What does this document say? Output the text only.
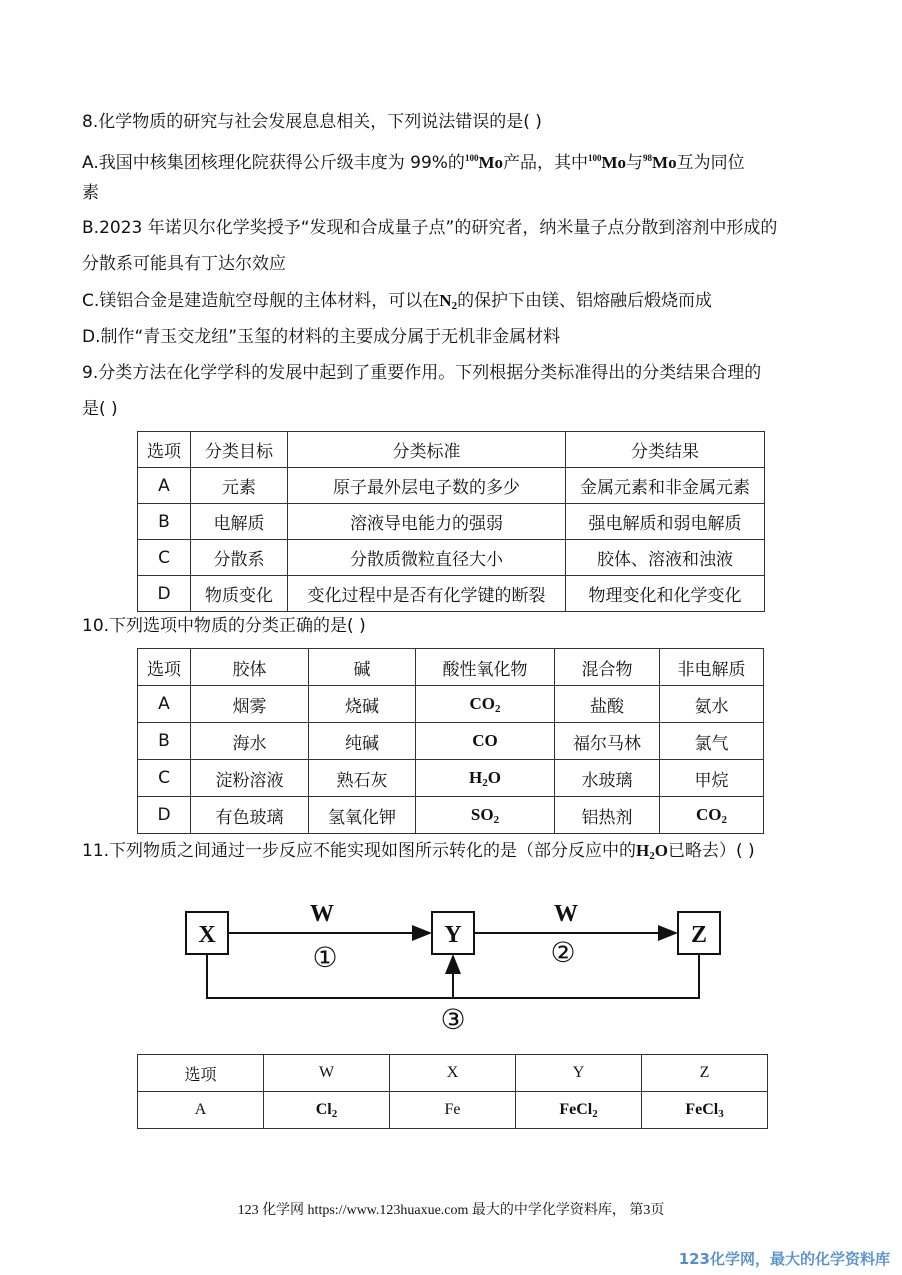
8.化学物质的研究与社会发展息息相关，下列说法错误的是( )
A.我国中核集团核理化院获得公斤级丰度为 99%的$^{100}$Mo产品，其中$^{100}$Mo与$^{98}$Mo互为同位
素
B.2023 年诺贝尔化学奖授予“发现和合成量子点”的研究者，纳米量子点分散到溶剂中形成的
分散系可能具有丁达尔效应
C.镁铝合金是建造航空母舰的主体材料，可以在$N_2$的保护下由镁、铝熔融后煅烧而成
D.制作“青玉交龙纽”玉玺的材料的主要成分属于无机非金属材料
9.分类方法在化学学科的发展中起到了重要作用。下列根据分类标准得出的分类结果合理的
是( )
选项	分类目标	分类标准	分类结果
A	元素	原子最外层电子数的多少	金属元素和非金属元素
B	电解质	溶液导电能力的强弱	强电解质和弱电解质
C	分散系	分散质微粒直径大小	胶体、溶液和浊液
D	物质变化	变化过程中是否有化学键的断裂	物理变化和化学变化
10.下列选项中物质的分类正确的是( )
选项	胶体	碱	酸性氧化物	混合物	非电解质
A	烟雾	烧碱	$CO_2$	盐酸	氨水
B	海水	纯碱	CO	福尔马林	氯气
C	淀粉溶液	熟石灰	$H_2O$	水玻璃	甲烷
D	有色玻璃	氢氧化钾	$SO_2$	铝热剂	$CO_2$
11.下列物质之间通过一步反应不能实现如图所示转化的是（部分反应中的$H_2O$已略去）( )
X	Y	Z
W	W
①	②
③
选项	W	X	Y	Z
A	$Cl_2$	Fe	FeCl$_2$	FeCl$_3$
123 化学网 https://www.123huaxue.com 最大的中学化学资料库， 第3页
123化学网，最大的化学资料库
